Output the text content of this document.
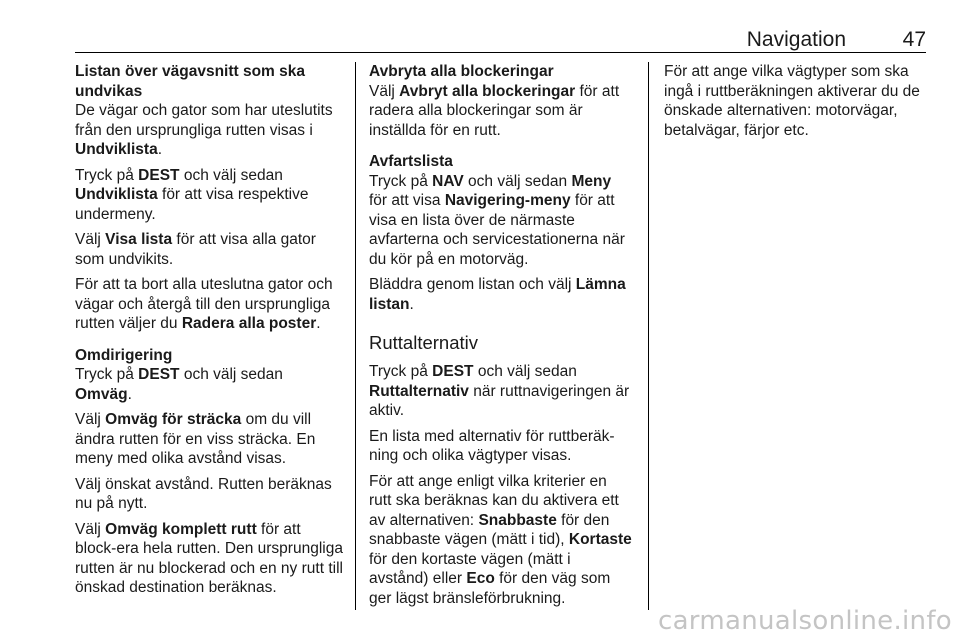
Navigation	47
Listan över vägavsnitt som ska undvikas

De vägar och gator som har uteslutits från den ursprungliga rutten visas i Undviklista.

Tryck på DEST och välj sedan Undviklista för att visa respektive undermeny.

Välj Visa lista för att visa alla gator som undvikits.

För att ta bort alla uteslutna gator och vägar och återgå till den ursprungliga rutten väljer du Radera alla poster.

Omdirigering

Tryck på DEST och välj sedan Omväg.

Välj Omväg för sträcka om du vill ändra rutten för en viss sträcka. En meny med olika avstånd visas.

Välj önskat avstånd. Rutten beräknas nu på nytt.

Välj Omväg komplett rutt för att block‐era hela rutten. Den ursprungliga rutten är nu blockerad och en ny rutt till önskad destination beräknas.

Avbryta alla blockeringar

Välj Avbryt alla blockeringar för att radera alla blockeringar som är inställda för en rutt.

Avfartslista

Tryck på NAV och välj sedan Meny för att visa Navigering-meny för att visa en lista över de närmaste avfarterna och servicestationerna när du kör på en motorväg.

Bläddra genom listan och välj Lämna listan.

Ruttalternativ

Tryck på DEST och välj sedan Ruttalternativ när ruttnavigeringen är aktiv.

En lista med alternativ för ruttberäk‐ning och olika vägtyper visas.

För att ange enligt vilka kriterier en rutt ska beräknas kan du aktivera ett av alternativen: Snabbaste för den snabbaste vägen (mätt i tid), Kortaste för den kortaste vägen (mätt i avstånd) eller Eco för den väg som ger lägst bränsleförbrukning.

För att ange vilka vägtyper som ska ingå i ruttberäkningen aktiverar du de önskade alternativen: motorvägar, betalvägar, färjor etc.

carmanualsonline.info
